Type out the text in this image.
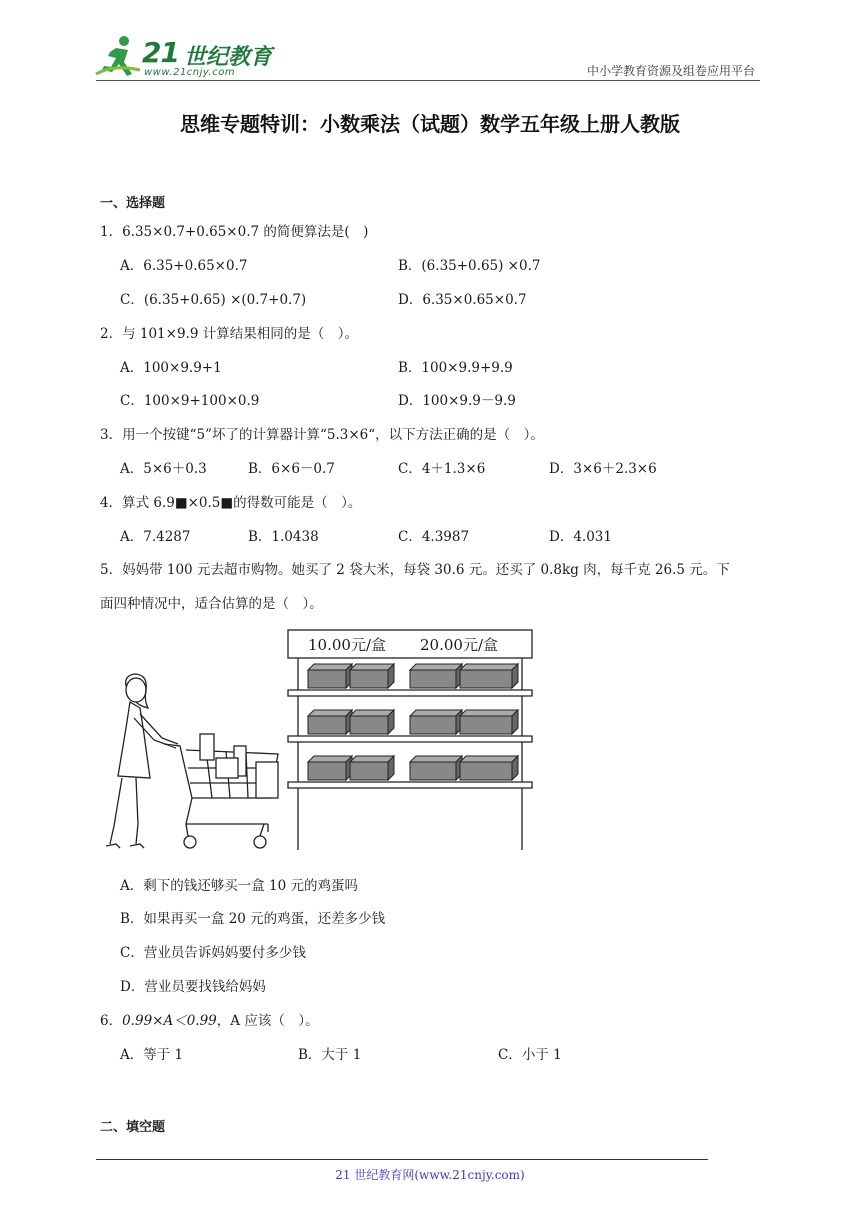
21 世纪教育
www.21cnjy.com	中小学教育资源及组卷应用平台
思维专题特训：小数乘法（试题）数学五年级上册人教版
一、选择题
1．6.35×0.7+0.65×0.7 的简便算法是(　)
A．6.35+0.65×0.7	B．(6.35+0.65) ×0.7
C．(6.35+0.65) ×(0.7+0.7)	D．6.35×0.65×0.7
2．与 101×9.9 计算结果相同的是（　）。
A．100×9.9+1	B．100×9.9+9.9
C．100×9+100×0.9	D．100×9.9－9.9
3．用一个按键“5”坏了的计算器计算“5.3×6“，以下方法正确的是（　）。
A．5×6＋0.3	B．6×6－0.7	C．4＋1.3×6	D．3×6＋2.3×6
4．算式 6.9■×0.5■的得数可能是（　）。
A．7.4287	B．1.0438	C．4.3987	D．4.031
5．妈妈带 100 元去超市购物。她买了 2 袋大米，每袋 30.6 元。还买了 0.8kg 肉，每千克 26.5 元。下
面四种情况中，适合估算的是（　）。
10.00元/盒 20.00元/盒
A．剩下的钱还够买一盒 10 元的鸡蛋吗
B．如果再买一盒 20 元的鸡蛋，还差多少钱
C．营业员告诉妈妈要付多少钱
D．营业员要找钱给妈妈
6．0.99×A＜0.99，A 应该（　）。
A．等于 1	B．大于 1	C．小于 1
二、填空题
21 世纪教育网(www.21cnjy.com)
